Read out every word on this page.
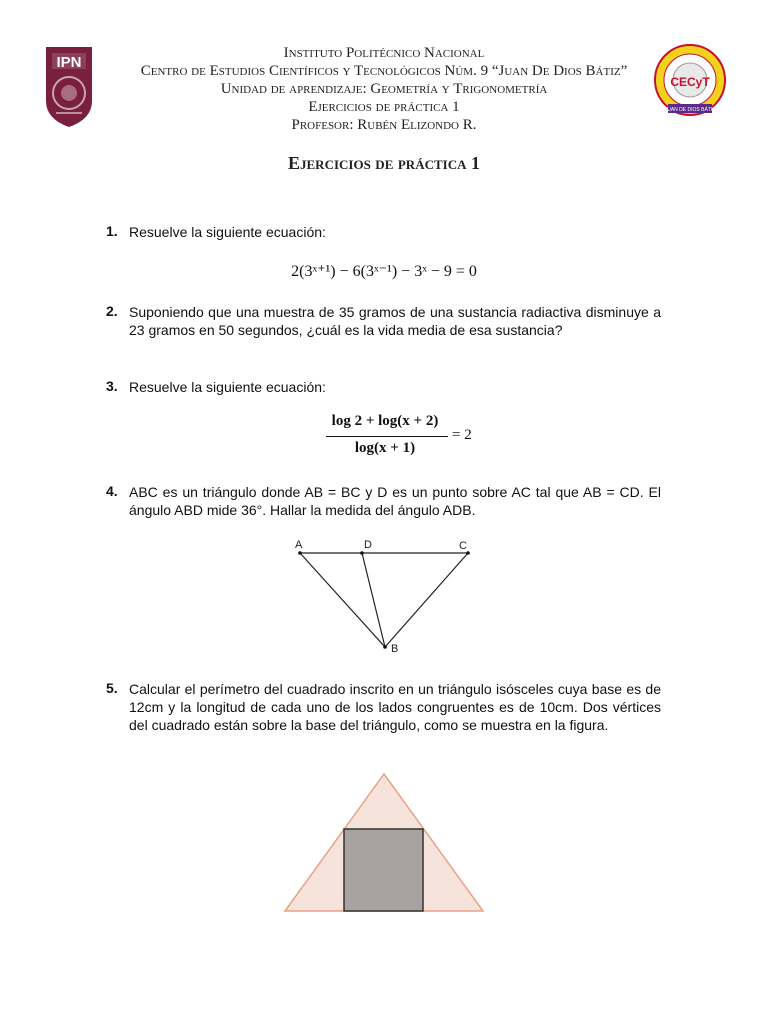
IPN
CECyT
JUAN DE DIOS BÁTIZ
Instituto Politécnico Nacional
Centro de Estudios Científicos y Tecnológicos Núm. 9 “Juan De Dios Bátiz”
Unidad de aprendizaje: Geometría y Trigonometría
Ejercicios de práctica 1
Profesor: Rubén Elizondo R.
Ejercicios de práctica 1
1. Resuelve la siguiente ecuación:
2(3ˣ⁺¹) − 6(3ˣ⁻¹) − 3ˣ − 9 = 0
2. Suponiendo que una muestra de 35 gramos de una sustancia radiactiva disminuye a 23 gramos en 50 segundos, ¿cuál es la vida media de esa sustancia?
3. Resuelve la siguiente ecuación:
log 2 + log(x + 2)
log(x + 1)
= 2
4. ABC es un triángulo donde AB = BC y D es un punto sobre AC tal que AB = CD. El ángulo ABD mide 36°. Hallar la medida del ángulo ADB.
A	D	C
B
5. Calcular el perímetro del cuadrado inscrito en un triángulo isósceles cuya base es de 12cm y la longitud de cada uno de los lados congruentes es de 10cm. Dos vértices del cuadrado están sobre la base del triángulo, como se muestra en la figura.
